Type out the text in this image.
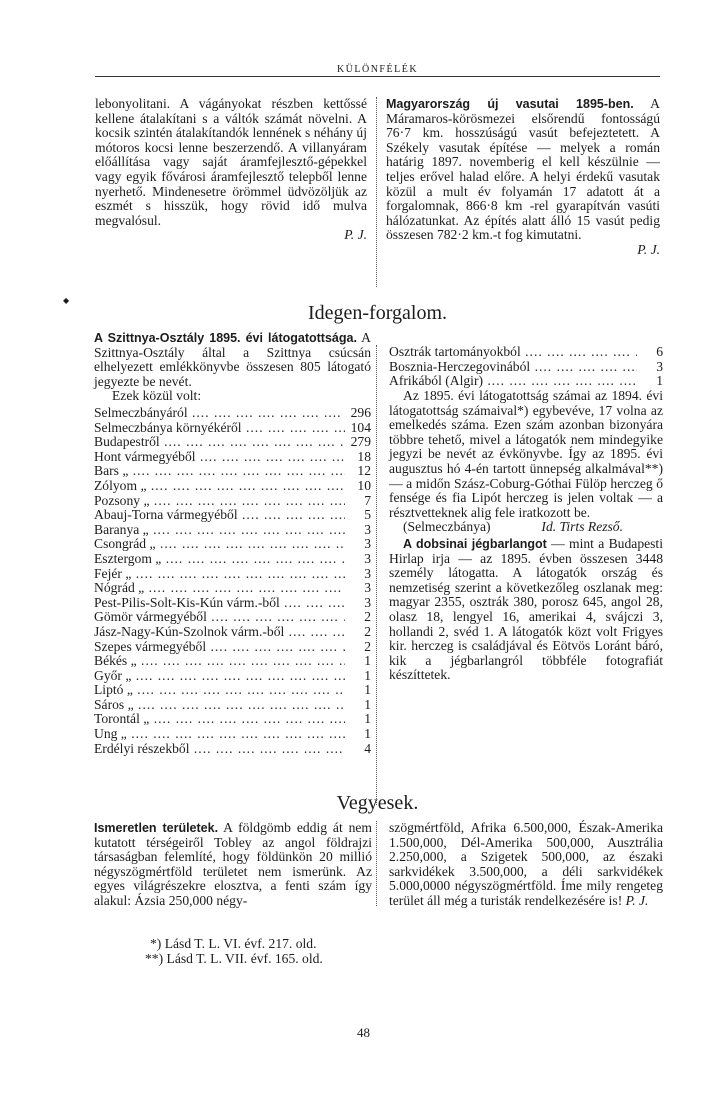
KÜLÖNFÉLÉK

lebonyolitani. A vágányokat részben kettőssé kellene átalakítani s a váltók számát növelni. A kocsik szintén átalakítandók lennének s néhány új mótoros kocsi lenne beszerzendő. A villanyáram előállítása vagy saját áramfejlesztő-gépekkel vagy egyik fővárosi áramfejlesztő telepből lenne nyerhető. Mindenesetre örömmel üdvözöljük az eszmét s hisszük, hogy rövid idő mulva megvalósul.

P. J.

Magyarország új vasutai 1895-ben. A Máramaros-körösmezei elsőrendű fontosságú 76·7 km. hosszúságú vasút befejeztetett. A Székely vasutak építése — melyek a román határig 1897. novemberig el kell készülnie — teljes erővel halad előre. A helyi érdekű vasutak közül a mult év folyamán 17 adatott át a forgalomnak, 866·8 km -rel gyarapítván vasúti hálózatunkat. Az építés alatt álló 15 vasút pedig összesen 782·2 km.-t fog kimutatni.

P. J.

◆
Idegen-forgalom.

A Szittnya-Osztály 1895. évi látogatottsága. A Szittnya-Osztály által a Szittnya csúcsán elhelyezett emlékkönyvbe összesen 805 látogató jegyezte be nevét.

Ezek közül volt:

Selmeczbányáról ....	296
Selmeczbánya környékéről ....	104
Budapestről ....	279
Hont vármegyéből ....	18
Bars „ ....	12
Zólyom „ ....	10
Pozsony „ ....	7
Abauj-Torna vármegyéből ....	5
Baranya „ ....	3
Csongrád „ ....	3
Esztergom „ ....	3
Fejér „ ....	3
Nógrád „ ....	3
Pest-Pilis-Solt-Kis-Kún várm.-ből ....	3
Gömör vármegyéből ....	2
Jász-Nagy-Kún-Szolnok várm.-ből ....	2
Szepes vármegyéből ....	2
Békés „ ....	1
Győr „ ....	1
Liptó „ ....	1
Sáros „ ....	1
Torontál „ ....	1
Ung „ ....	1
Erdélyi részekből ....	4
Osztrák tartományokból ....	6
Bosznia-Herczegovinából ....	3
Afrikából (Algir) ....	1

Az 1895. évi látogatottság számai az 1894. évi látogatottság számaival*) egybevéve, 17 volna az emelkedés száma. Ezen szám azonban bizonyára többre tehető, mivel a látogatók nem mindegyike jegyzi be nevét az évkönyvbe. Így az 1895. évi augusztus hó 4-én tartott ünnepség alkalmával**) — a midőn Szász-Coburg-Góthai Fülöp herczeg ő fensége és fia Lipót herczeg is jelen voltak — a résztvetteknek alig fele iratkozott be.

(Selmeczbánya)	Id. Tirts Rezső.

A dobsinai jégbarlangot — mint a Budapesti Hirlap irja — az 1895. évben összesen 3448 személy látogatta. A látogatók ország és nemzetiség szerint a következőleg oszlanak meg: magyar 2355, osztrák 380, porosz 645, angol 28, olasz 18, lengyel 16, amerikai 4, svájczi 3, hollandi 2, svéd 1. A látogatók közt volt Frigyes kir. herczeg is családjával és Eötvös Loránt báró, kik a jégbarlangról többféle fotografiát készíttetek.

Vegyesek.

Ismeretlen területek. A földgömb eddig át nem kutatott térségeiről Tobley az angol földrajzi társaságban felemlíté, hogy földünkön 20 millió négyszögmértföld területet nem ismerünk. Az egyes világrészekre elosztva, a fenti szám így alakul: Ázsia 250,000 négy-

szögmértföld, Afrika 6.500,000, Észak-Amerika 1.500,000, Dél-Amerika 500,000, Ausztrália 2.250,000, a Szigetek 500,000, az északi sarkvidékek 3.500,000, a déli sarkvidékek 5.000,0000 négyszögmértföld. Íme mily rengeteg terület áll még a turisták rendelkezésére is! P. J.

*) Lásd T. L. VI. évf. 217. old.
**) Lásd T. L. VII. évf. 165. old.
48
